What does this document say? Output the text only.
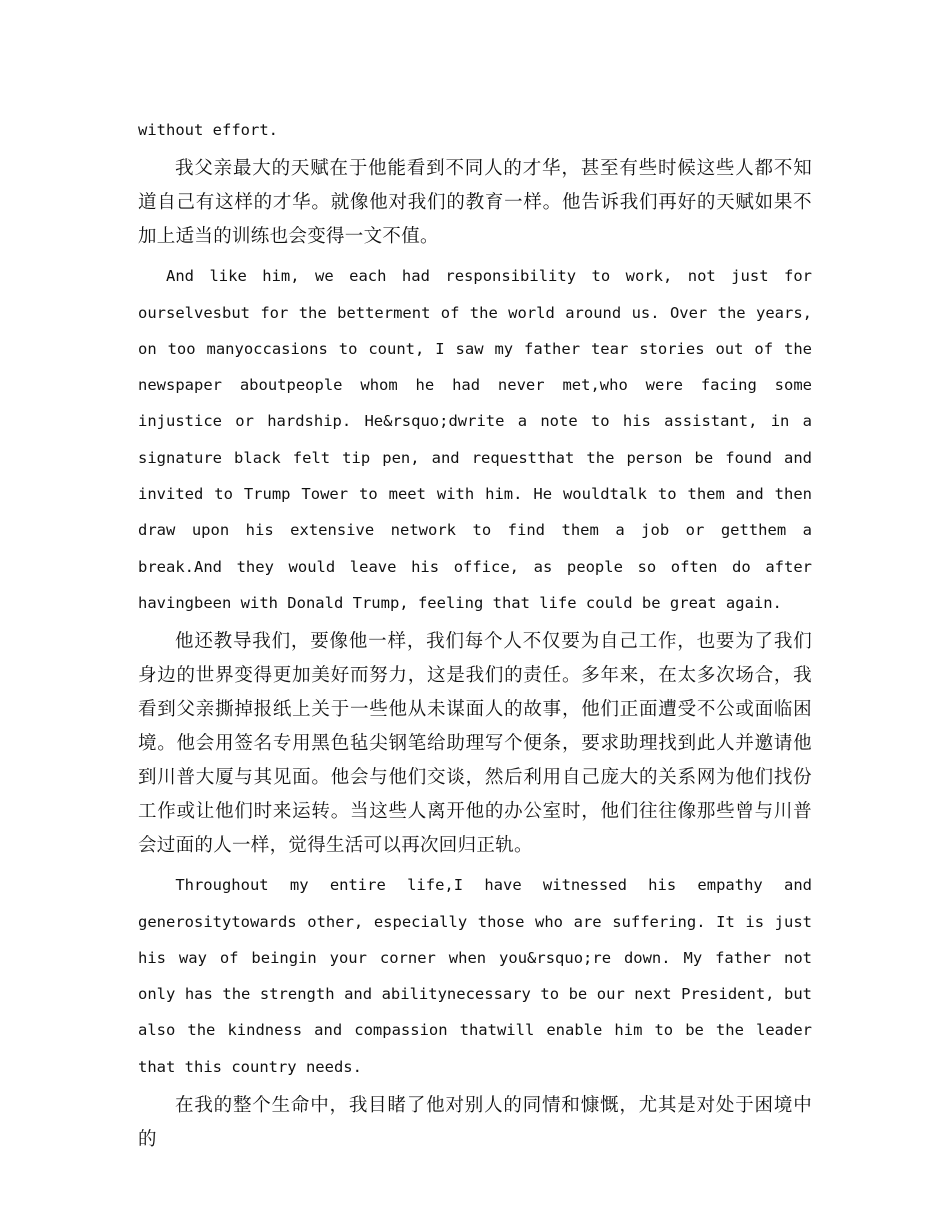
without effort.

我父亲最大的天赋在于他能看到不同人的才华，甚至有些时候这些人都不知道自己有这样的才华。就像他对我们的教育一样。他告诉我们再好的天赋如果不加上适当的训练也会变得一文不值。

And like him, we each had responsibility to work, not just for ourselvesbut for the betterment of the world around us. Over the years, on too manyoccasions to count, I saw my father tear stories out of the newspaper aboutpeople whom he had never met,who were facing some injustice or hardship. He&rsquo;dwrite a note to his assistant, in a signature black felt tip pen, and requestthat the person be found and invited to Trump Tower to meet with him. He wouldtalk to them and then draw upon his extensive network to find them a job or getthem a break.And they would leave his office, as people so often do after havingbeen with Donald Trump, feeling that life could be great again.

他还教导我们，要像他一样，我们每个人不仅要为自己工作，也要为了我们身边的世界变得更加美好而努力，这是我们的责任。多年来，在太多次场合，我看到父亲撕掉报纸上关于一些他从未谋面人的故事，他们正面遭受不公或面临困境。他会用签名专用黑色毡尖钢笔给助理写个便条，要求助理找到此人并邀请他到川普大厦与其见面。他会与他们交谈，然后利用自己庞大的关系网为他们找份工作或让他们时来运转。当这些人离开他的办公室时，他们往往像那些曾与川普会过面的人一样，觉得生活可以再次回归正轨。

Throughout my entire life,I have witnessed his empathy and generositytowards other, especially those who are suffering. It is just his way of beingin your corner when you&rsquo;re down. My father not only has the strength and abilitynecessary to be our next President, but also the kindness and compassion thatwill enable him to be the leader that this country needs.

在我的整个生命中，我目睹了他对别人的同情和慷慨，尤其是对处于困境中的
